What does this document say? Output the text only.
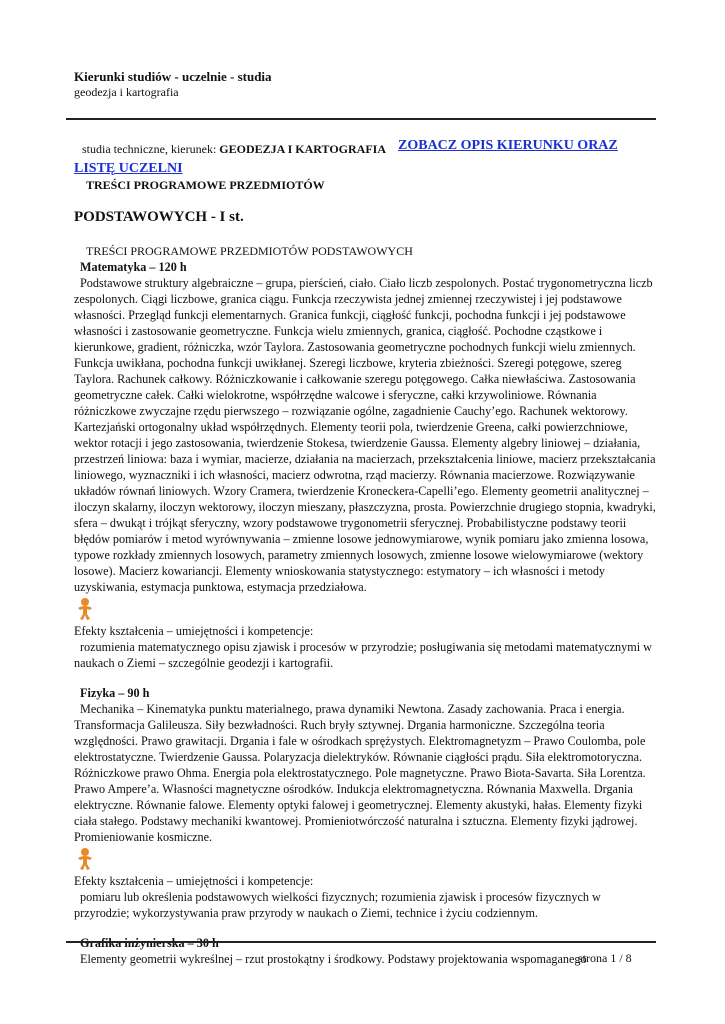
Kierunki studiów - uczelnie - studia
geodezja i kartografia
studia techniczne, kierunek: GEODEZJA I KARTOGRAFIA ZOBACZ OPIS KIERUNKU ORAZ
LISTĘ UCZELNI
TREŚCI PROGRAMOWE PRZEDMIOTÓW
PODSTAWOWYCH - I st.
TREŚCI PROGRAMOWE PRZEDMIOTÓW PODSTAWOWYCH
Matematyka – 120 h
Podstawowe struktury algebraiczne – grupa, pierścień, ciało. Ciało liczb zespolonych. Postać trygonometryczna liczb zespolonych. Ciągi liczbowe, granica ciągu. Funkcja rzeczywista jednej zmiennej rzeczywistej i jej podstawowe własności. Przegląd funkcji elementarnych. Granica funkcji, ciągłość funkcji, pochodna funkcji i jej podstawowe własności i zastosowanie geometryczne. Funkcja wielu zmiennych, granica, ciągłość. Pochodne cząstkowe i kierunkowe, gradient, różniczka, wzór Taylora. Zastosowania geometryczne pochodnych funkcji wielu zmiennych. Funkcja uwikłana, pochodna funkcji uwikłanej. Szeregi liczbowe, kryteria zbieżności. Szeregi potęgowe, szereg Taylora. Rachunek całkowy. Różniczkowanie i całkowanie szeregu potęgowego. Całka niewłaściwa. Zastosowania geometryczne całek. Całki wielokrotne, współrzędne walcowe i sferyczne, całki krzywoliniowe. Równania różniczkowe zwyczajne rzędu pierwszego – rozwiązanie ogólne, zagadnienie Cauchy’ego. Rachunek wektorowy. Kartezjański ortogonalny układ współrzędnych. Elementy teorii pola, twierdzenie Greena, całki powierzchniowe, wektor rotacji i jego zastosowania, twierdzenie Stokesa, twierdzenie Gaussa. Elementy algebry liniowej – działania, przestrzeń liniowa: baza i wymiar, macierze, działania na macierzach, przekształcenia liniowe, macierz przekształcania liniowego, wyznaczniki i ich własności, macierz odwrotna, rząd macierzy. Równania macierzowe. Rozwiązywanie układów równań liniowych. Wzory Cramera, twierdzenie Kroneckera-Capelli’ego. Elementy geometrii analitycznej – iloczyn skalarny, iloczyn wektorowy, iloczyn mieszany, płaszczyzna, prosta. Powierzchnie drugiego stopnia, kwadryki, sfera – dwukąt i trójkąt sferyczny, wzory podstawowe trygonometrii sferycznej. Probabilistyczne podstawy teorii błędów pomiarów i metod wyrównywania – zmienne losowe jednowymiarowe, wynik pomiaru jako zmienna losowa, typowe rozkłady zmiennych losowych, parametry zmiennych losowych, zmienne losowe wielowymiarowe (wektory losowe). Macierz kowariancji. Elementy wnioskowania statystycznego: estymatory – ich własności i metody uzyskiwania, estymacja punktowa, estymacja przedziałowa.
Efekty kształcenia – umiejętności i kompetencje:
rozumienia matematycznego opisu zjawisk i procesów w przyrodzie; posługiwania się metodami matematycznymi w naukach o Ziemi – szczególnie geodezji i kartografii.
Fizyka – 90 h
Mechanika – Kinematyka punktu materialnego, prawa dynamiki Newtona. Zasady zachowania. Praca i energia. Transformacja Galileusza. Siły bezwładności. Ruch bryły sztywnej. Drgania harmoniczne. Szczególna teoria względności. Prawo grawitacji. Drgania i fale w ośrodkach sprężystych. Elektromagnetyzm – Prawo Coulomba, pole elektrostatyczne. Twierdzenie Gaussa. Polaryzacja dielektryków. Równanie ciągłości prądu. Siła elektromotoryczna. Różniczkowe prawo Ohma. Energia pola elektrostatycznego. Pole magnetyczne. Prawo Biota-Savarta. Siła Lorentza. Prawo Ampere’a. Własności magnetyczne ośrodków. Indukcja elektromagnetyczna. Równania Maxwella. Drgania elektryczne. Równanie falowe. Elementy optyki falowej i geometrycznej. Elementy akustyki, hałas. Elementy fizyki ciała stałego. Podstawy mechaniki kwantowej. Promieniotwórczość naturalna i sztuczna. Elementy fizyki jądrowej. Promieniowanie kosmiczne.
Efekty kształcenia – umiejętności i kompetencje:
pomiaru lub określenia podstawowych wielkości fizycznych; rozumienia zjawisk i procesów fizycznych w przyrodzie; wykorzystywania praw przyrody w naukach o Ziemi, technice i życiu codziennym.
Grafika inżynierska – 30 h
Elementy geometrii wykreślnej – rzut prostokątny i środkowy. Podstawy projektowania wspomaganego
strona 1 / 8
